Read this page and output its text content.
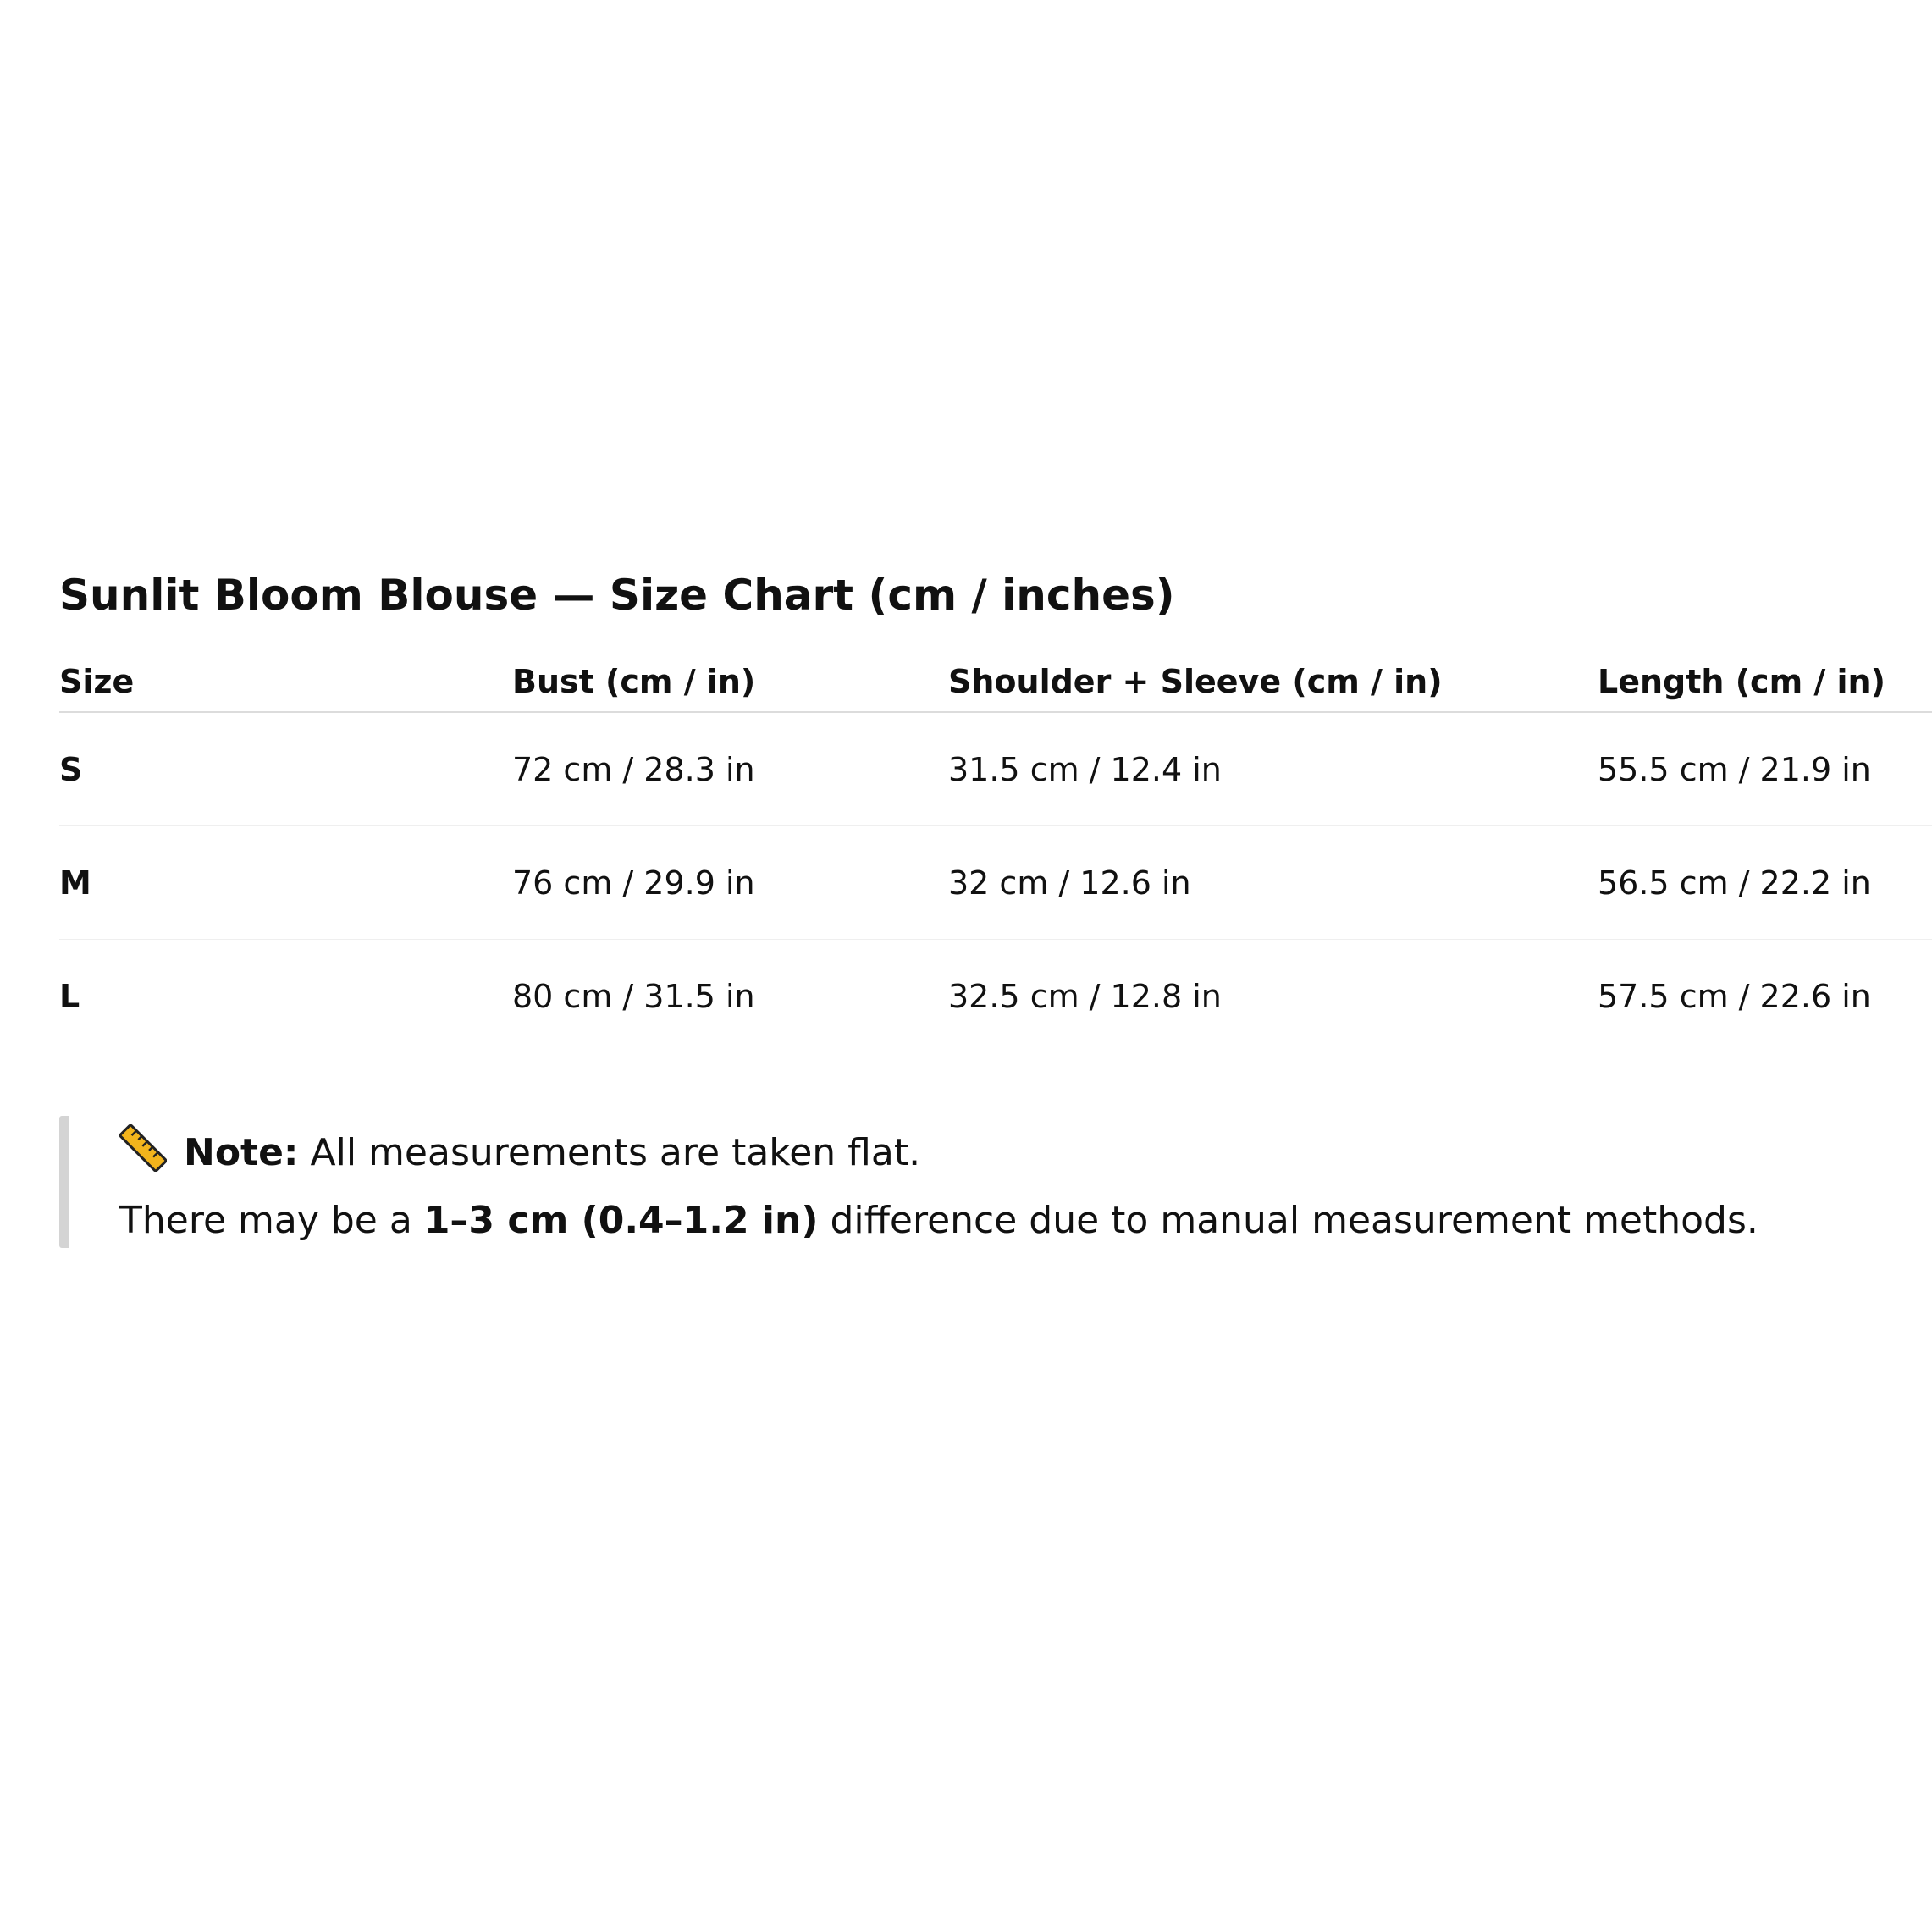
Sunlit Bloom Blouse — Size Chart (cm / inches)
Size	Bust (cm / in)	Shoulder + Sleeve (cm / in)	Length (cm / in)
S	72 cm / 28.3 in	31.5 cm / 12.4 in	55.5 cm / 21.9 in
M	76 cm / 29.9 in	32 cm / 12.6 in	56.5 cm / 22.2 in
L	80 cm / 31.5 in	32.5 cm / 12.8 in	57.5 cm / 22.6 in
Note: All measurements are taken flat.
There may be a 1–3 cm (0.4–1.2 in) difference due to manual measurement methods.
